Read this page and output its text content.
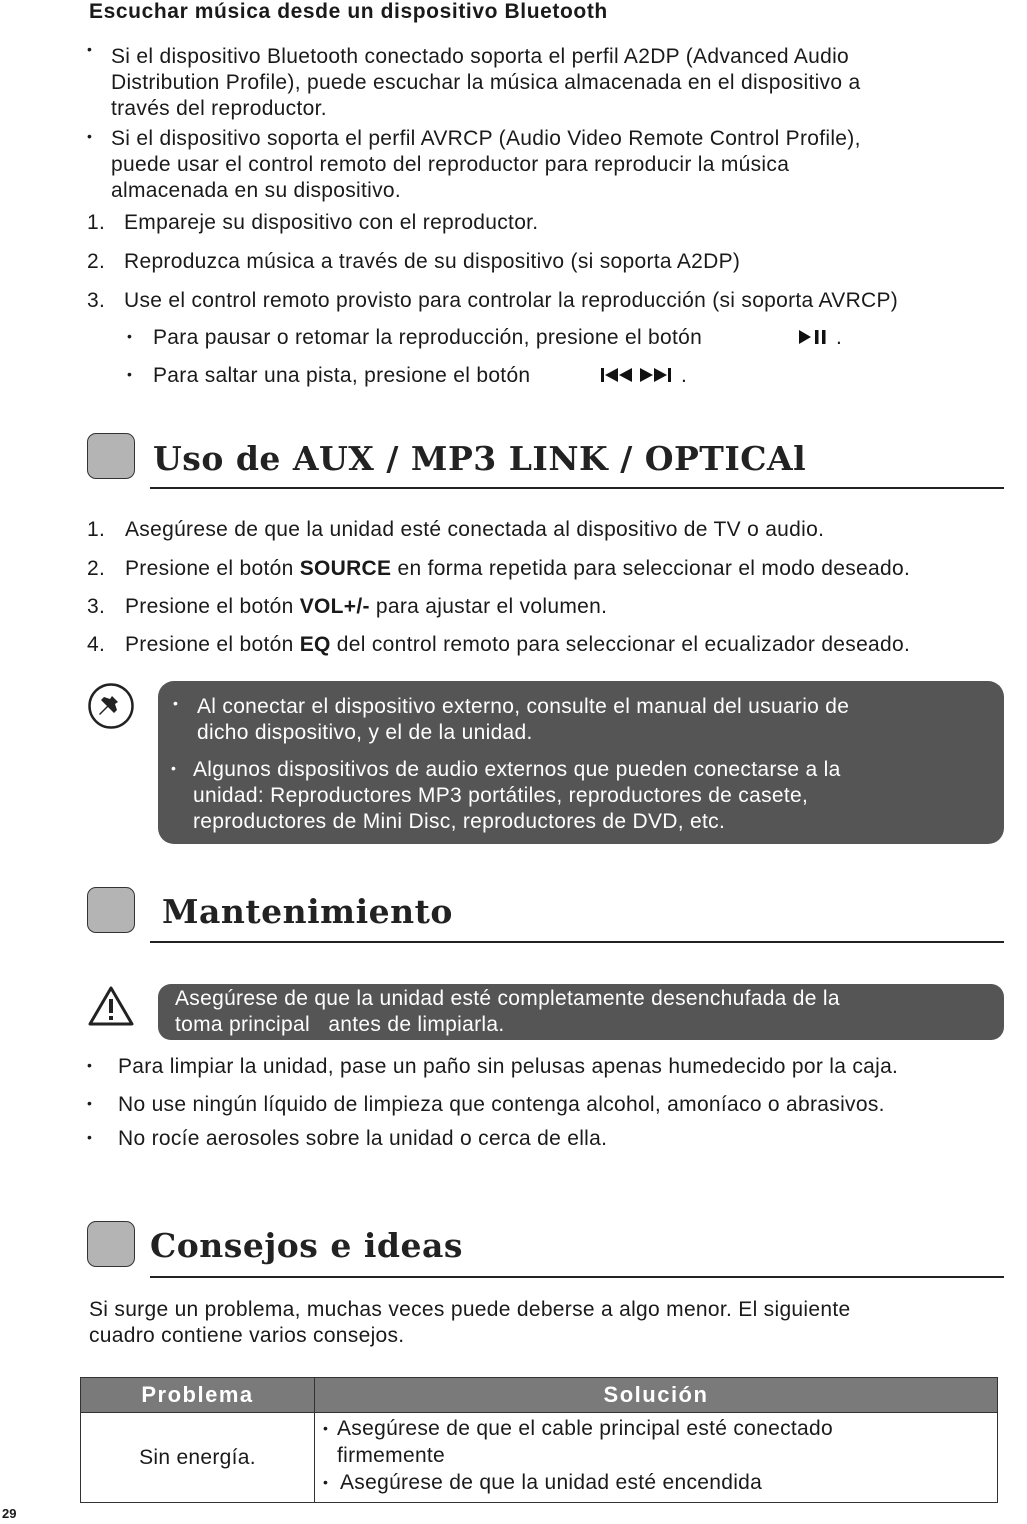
Escuchar música desde un dispositivo Bluetooth
• Si el dispositivo Bluetooth conectado soporta el perfil A2DP (Advanced Audio
Distribution Profile), puede escuchar la música almacenada en el dispositivo a
través del reproductor.
• Si el dispositivo soporta el perfil AVRCP (Audio Video Remote Control Profile),
puede usar el control remoto del reproductor para reproducir la música
almacenada en su dispositivo.
1. Empareje su dispositivo con el reproductor.
2. Reproduzca música a través de su dispositivo (si soporta A2DP)
3. Use el control remoto provisto para controlar la reproducción (si soporta AVRCP)
• Para pausar o retomar la reproducción, presione el botón	.
• Para saltar una pista, presione el botón	.
Uso de AUX / MP3 LINK / OPTICAl
1. Asegúrese de que la unidad esté conectada al dispositivo de TV o audio.
2. Presione el botón SOURCE en forma repetida para seleccionar el modo deseado.
3. Presione el botón VOL+/- para ajustar el volumen.
4. Presione el botón EQ del control remoto para seleccionar el ecualizador deseado.
• Al conectar el dispositivo externo, consulte el manual del usuario de
dicho dispositivo, y el de la unidad.
• Algunos dispositivos de audio externos que pueden conectarse a la
unidad: Reproductores MP3 portátiles, reproductores de casete,
reproductores de Mini Disc, reproductores de DVD, etc.
Mantenimiento
Asegúrese de que la unidad esté completamente desenchufada de la
toma principal   antes de limpiarla.
• Para limpiar la unidad, pase un paño sin pelusas apenas humedecido por la caja.
• No use ningún líquido de limpieza que contenga alcohol, amoníaco o abrasivos.
• No rocíe aerosoles sobre la unidad o cerca de ella.
Consejos e ideas
Si surge un problema, muchas veces puede deberse a algo menor. El siguiente
cuadro contiene varios consejos.
Problema	Solución
Sin energía.	• Asegúrese de que el cable principal esté conectado
firmemente
• Asegúrese de que la unidad esté encendida
29
